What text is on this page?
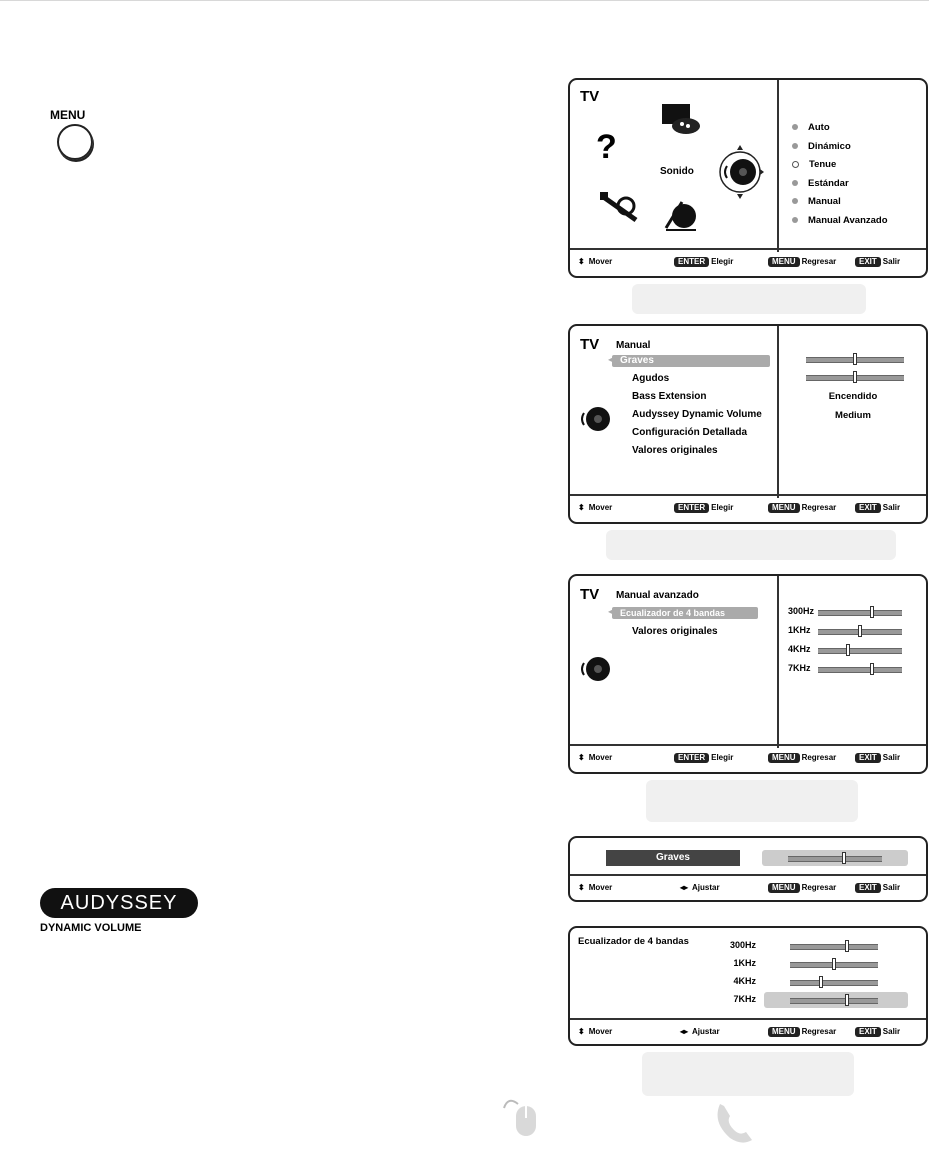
MENU
TV
?
Sonido
Auto
Dinámico
Tenue
Estándar
Manual
Manual Avanzado
⬍ Mover	ENTER Elegir	MENU Regresar	EXIT Salir
TV Manual
◂ Graves	▸
Agudos
Bass Extension
Audyssey Dynamic Volume
Configuración Detallada
Valores originales
Encendido
Medium
⬍ Mover	ENTER Elegir	MENU Regresar	EXIT Salir
TV Manual avanzado
◂ Ecualizador de 4 bandas
Valores originales
300Hz
1KHz
4KHz
7KHz
⬍ Mover	ENTER Elegir	MENU Regresar	EXIT Salir
Graves
⬍ Mover	◂▸ Ajustar	MENU Regresar	EXIT Salir
AUDYSSEY
DYNAMIC VOLUME
Ecualizador de 4 bandas	300Hz
1KHz
4KHz
7KHz
⬍ Mover	◂▸ Ajustar	MENU Regresar	EXIT Salir
